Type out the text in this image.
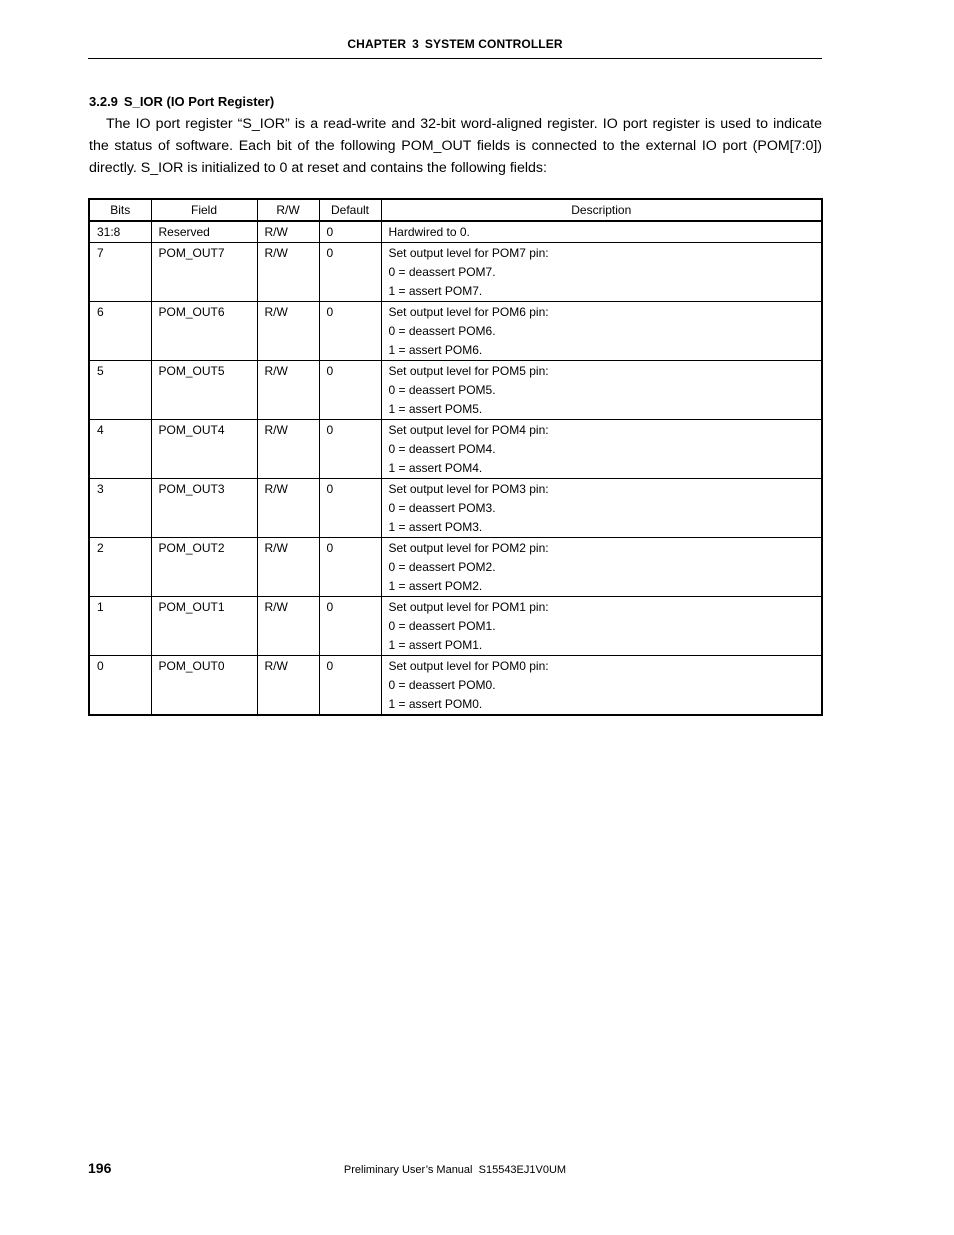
CHAPTER 3 SYSTEM CONTROLLER
3.2.9 S_IOR (IO Port Register)

The IO port register “S_IOR” is a read-write and 32-bit word-aligned register. IO port register is used to indicate the status of software. Each bit of the following POM_OUT fields is connected to the external IO port (POM[7:0]) directly. S_IOR is initialized to 0 at reset and contains the following fields:

Bits	Field	R/W	Default	Description
31:8	Reserved	R/W	0	Hardwired to 0.

7	POM_OUT7	R/W	0	Set output level for POM7 pin:
0 = deassert POM7.
1 = assert POM7.

6	POM_OUT6	R/W	0	Set output level for POM6 pin:
0 = deassert POM6.
1 = assert POM6.

5	POM_OUT5	R/W	0	Set output level for POM5 pin:
0 = deassert POM5.
1 = assert POM5.

4	POM_OUT4	R/W	0	Set output level for POM4 pin:
0 = deassert POM4.
1 = assert POM4.

3	POM_OUT3	R/W	0	Set output level for POM3 pin:
0 = deassert POM3.
1 = assert POM3.

2	POM_OUT2	R/W	0	Set output level for POM2 pin:
0 = deassert POM2.
1 = assert POM2.

1	POM_OUT1	R/W	0	Set output level for POM1 pin:
0 = deassert POM1.
1 = assert POM1.

0	POM_OUT0	R/W	0	Set output level for POM0 pin:
0 = deassert POM0.
1 = assert POM0.
196	Preliminary User’s Manual S15543EJ1V0UM
